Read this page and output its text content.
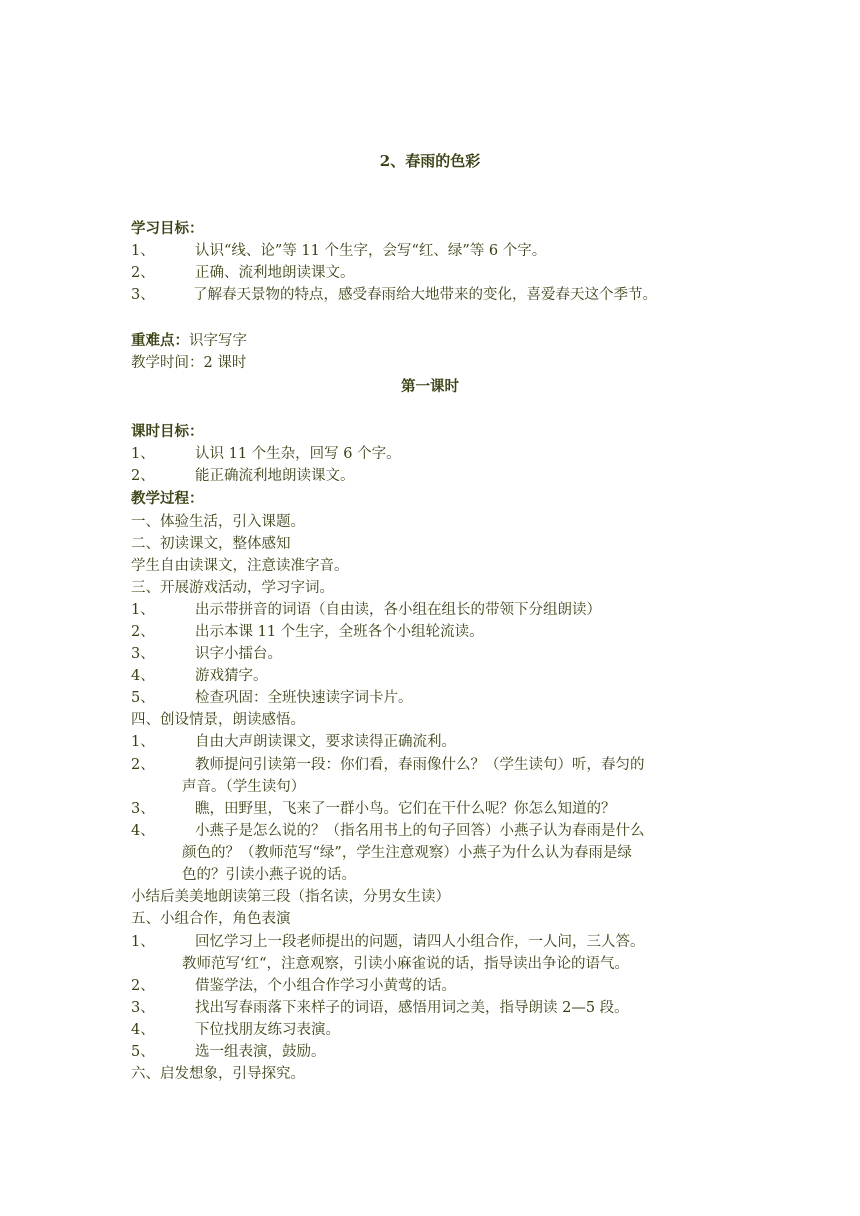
2、春雨的色彩
学习目标：
1、	认识“线、论”等 11 个生字，会写“红、绿”等 6 个字。
2、	正确、流利地朗读课文。
3、	了解春天景物的特点，感受春雨给大地带来的变化，喜爱春天这个季节。
重难点：识字写字
教学时间：2 课时
第一课时
课时目标：
1、	认识 11 个生杂，回写 6 个字。
2、	能正确流利地朗读课文。
教学过程：
一、体验生活，引入课题。
二、初读课文，整体感知
学生自由读课文，注意读准字音。
三、开展游戏活动，学习字词。
1、	出示带拼音的词语（自由读，各小组在组长的带领下分组朗读）
2、	出示本课 11 个生字，全班各个小组轮流读。
3、	识字小擂台。
4、	游戏猜字。
5、	检查巩固：全班快速读字词卡片。
四、创设情景，朗读感悟。
1、	自由大声朗读课文，要求读得正确流利。
2、	教师提问引读第一段：你们看，春雨像什么？（学生读句）听，春匀的
声音。（学生读句）
3、	瞧，田野里，飞来了一群小鸟。它们在干什么呢？你怎么知道的？
4、	小燕子是怎么说的？（指名用书上的句子回答）小燕子认为春雨是什么
颜色的？（教师范写“绿”，学生注意观察）小燕子为什么认为春雨是绿
色的？引读小燕子说的话。
小结后美美地朗读第三段（指名读，分男女生读）
五、小组合作，角色表演
1、	回忆学习上一段老师提出的问题，请四人小组合作，一人问，三人答。
教师范写‘红“，注意观察，引读小麻雀说的话，指导读出争论的语气。
2、	借鉴学法，个小组合作学习小黄莺的话。
3、	找出写春雨落下来样子的词语，感悟用词之美，指导朗读 2—5 段。
4、	下位找朋友练习表演。
5、	选一组表演，鼓励。
六、启发想象，引导探究。
